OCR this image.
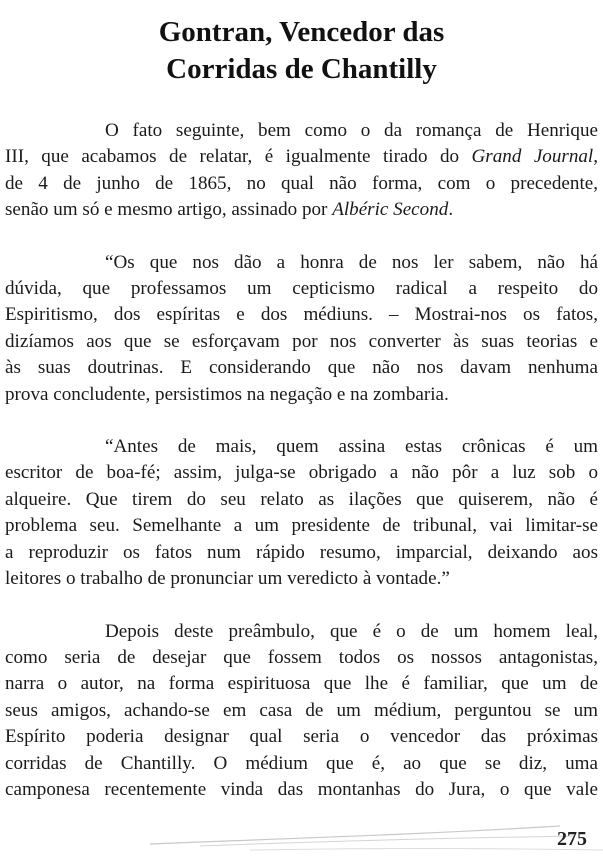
Gontran, Vencedor das
Corridas de Chantilly

O fato seguinte, bem como o da romança de Henrique
III, que acabamos de relatar, é igualmente tirado do Grand Journal,
de 4 de junho de 1865, no qual não forma, com o precedente,
senão um só e mesmo artigo, assinado por Albéric Second.

“Os que nos dão a honra de nos ler sabem, não há
dúvida, que professamos um cepticismo radical a respeito do
Espiritismo, dos espíritas e dos médiuns. – Mostrai-nos os fatos,
dizíamos aos que se esforçavam por nos converter às suas teorias e
às suas doutrinas. E considerando que não nos davam nenhuma
prova concludente, persistimos na negação e na zombaria.

“Antes de mais, quem assina estas crônicas é um
escritor de boa-fé; assim, julga-se obrigado a não pôr a luz sob o
alqueire. Que tirem do seu relato as ilações que quiserem, não é
problema seu. Semelhante a um presidente de tribunal, vai limitar-se
a reproduzir os fatos num rápido resumo, imparcial, deixando aos
leitores o trabalho de pronunciar um veredicto à vontade.”

Depois deste preâmbulo, que é o de um homem leal,
como seria de desejar que fossem todos os nossos antagonistas,
narra o autor, na forma espirituosa que lhe é familiar, que um de
seus amigos, achando-se em casa de um médium, perguntou se um
Espírito poderia designar qual seria o vencedor das próximas
corridas de Chantilly. O médium que é, ao que se diz, uma
camponesa recentemente vinda das montanhas do Jura, o que vale

275
